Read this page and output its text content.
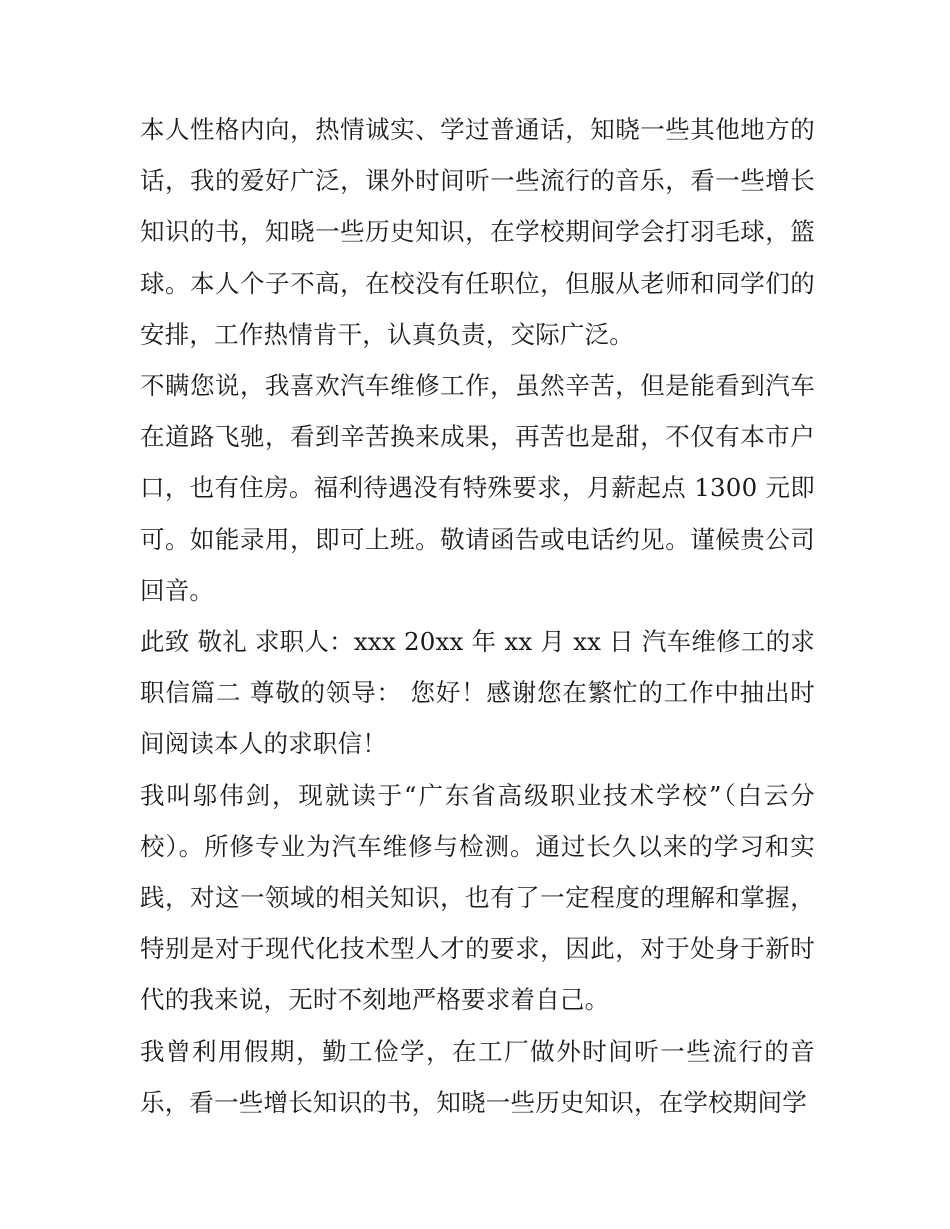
本人性格内向，热情诚实、学过普通话，知晓一些其他地方的话，我的爱好广泛，课外时间听一些流行的音乐，看一些增长知识的书，知晓一些历史知识，在学校期间学会打羽毛球，篮球。本人个子不高，在校没有任职位，但服从老师和同学们的安排，工作热情肯干，认真负责，交际广泛。

不瞒您说，我喜欢汽车维修工作，虽然辛苦，但是能看到汽车在道路飞驰，看到辛苦换来成果，再苦也是甜，不仅有本市户口，也有住房。福利待遇没有特殊要求，月薪起点 1300 元即可。如能录用，即可上班。敬请函告或电话约见。谨候贵公司回音。

此致 敬礼 求职人：xxx 20xx 年 xx 月 xx 日 汽车维修工的求职信篇二 尊敬的领导： 您好！感谢您在繁忙的工作中抽出时间阅读本人的求职信！

我叫邬伟剑，现就读于“广东省高级职业技术学校”（白云分校）。所修专业为汽车维修与检测。通过长久以来的学习和实践，对这一领域的相关知识，也有了一定程度的理解和掌握，特别是对于现代化技术型人才的要求，因此，对于处身于新时代的我来说，无时不刻地严格要求着自己。

我曾利用假期，勤工俭学，在工厂做外时间听一些流行的音乐，看一些增长知识的书，知晓一些历史知识，在学校期间学
